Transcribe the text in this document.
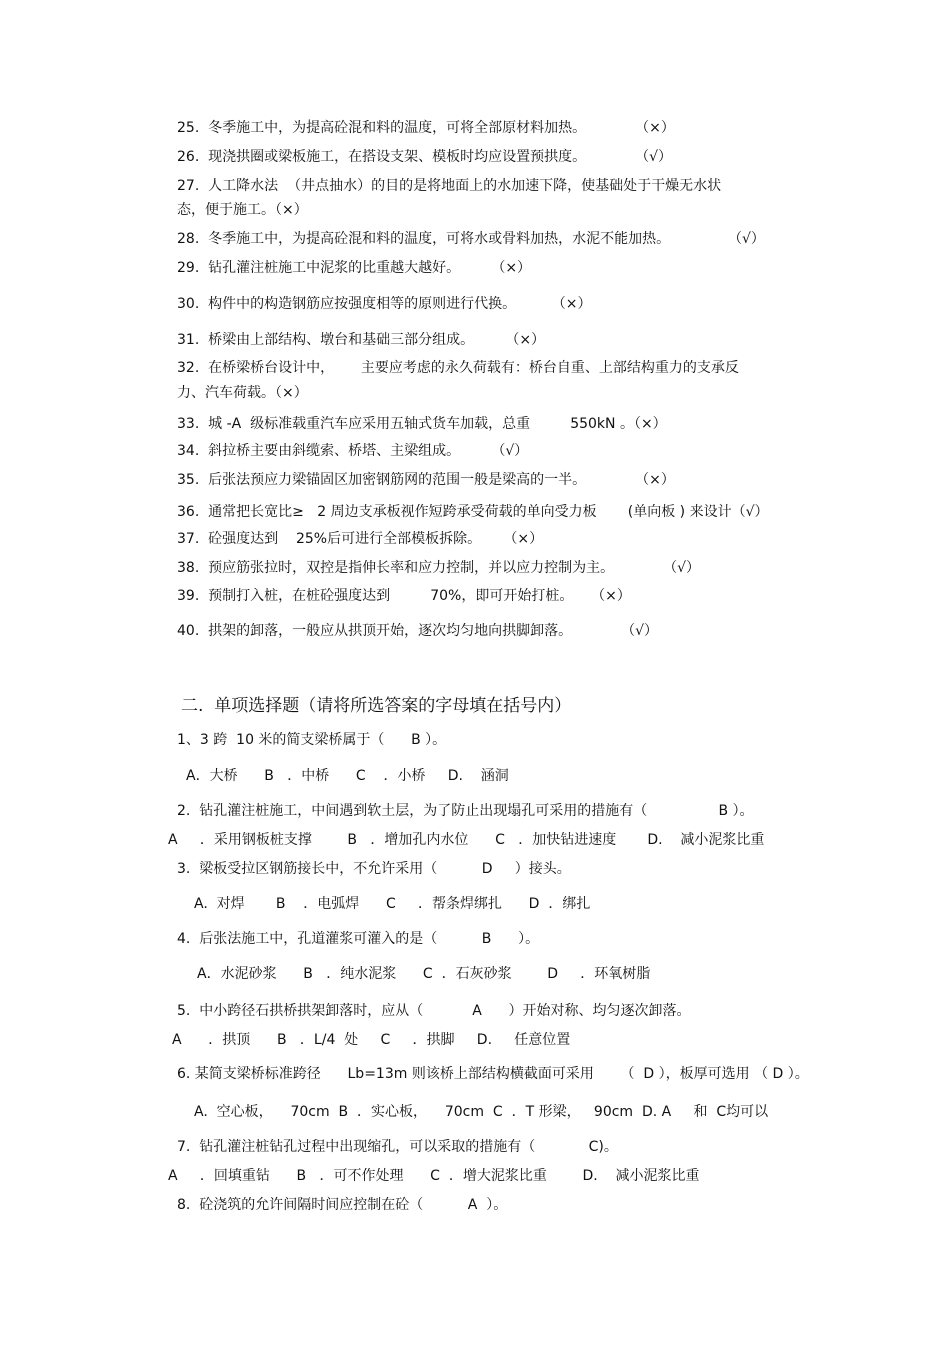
25.  冬季施工中，为提高砼混和料的温度，可将全部原材料加热。           （×）
26.  现浇拱圈或梁板施工，在搭设支架、模板时均应设置预拱度。           （√）
27.  人工降水法  （井点抽水）的目的是将地面上的水加速下降，使基础处于干燥无水状
态，便于施工。（×）
28.  冬季施工中，为提高砼混和料的温度，可将水或骨料加热，水泥不能加热。             （√）
29.  钻孔灌注桩施工中泥浆的比重越大越好。       （×）
30.  构件中的构造钢筋应按强度相等的原则进行代换。        （×）
31.  桥梁由上部结构、墩台和基础三部分组成。       （×）
32.  在桥梁桥台设计中，      主要应考虑的永久荷载有：桥台自重、上部结构重力的支承反
力、汽车荷载。（×）
33.  城 -A  级标准载重汽车应采用五轴式货车加载，总重         550kN 。（×）
34.  斜拉桥主要由斜缆索、桥塔、主梁组成。       （√）
35.  后张法预应力梁锚固区加密钢筋网的范围一般是梁高的一半。           （×）
36.  通常把长宽比≥   2 周边支承板视作短跨承受荷载的单向受力板       (单向板 ) 来设计（√）
37.  砼强度达到    25%后可进行全部模板拆除。     （×）
38.  预应筋张拉时，双控是指伸长率和应力控制，并以应力控制为主。           （√）
39.  预制打入桩，在桩砼强度达到         70%，即可开始打桩。    （×）
40.  拱架的卸落，一般应从拱顶开始，逐次均匀地向拱脚卸落。           （√）
二.  单项选择题（请将所选答案的字母填在括号内）
1、3 跨  10 米的简支梁桥属于（      B ）。
A．大桥      B   ．中桥      C    ．小桥     D.    涵洞
2.  钻孔灌注桩施工，中间遇到软土层，为了防止出现塌孔可采用的措施有（                B ）。
A     ．采用钢板桩支撑        B   ．增加孔内水位      C   ．加快钻进速度       D.    减小泥浆比重
3.  梁板受拉区钢筋接长中，不允许采用（          D     ）接头。
A.  对焊       B    ．电弧焊      C     ．帮条焊绑扎      D  ．绑扎
4.  后张法施工中，孔道灌浆可灌入的是（          B      ）。
A．水泥砂浆      B   ．纯水泥浆      C  ．石灰砂浆        D     ．环氧树脂
5.  中小跨径石拱桥拱架卸落时，应从（           A      ）开始对称、均匀逐次卸落。
A      ．拱顶      B   ．L/4  处     C     ．拱脚     D.     任意位置
6. 某简支梁桥标准跨径      Lb=13m 则该桥上部结构横截面可采用      （  D ），板厚可选用 （ D ）。
A.  空心板，    70cm  B  ．实心板，    70cm  C  ．T 形梁，   90cm  D. A     和  C均可以
7.  钻孔灌注桩钻孔过程中出现缩孔，可以采取的措施有（            C)。
A     ．回填重钻      B   ．可不作处理      C  ．增大泥浆比重        D.    减小泥浆比重
8.  砼浇筑的允许间隔时间应控制在砼（          A  ）。
